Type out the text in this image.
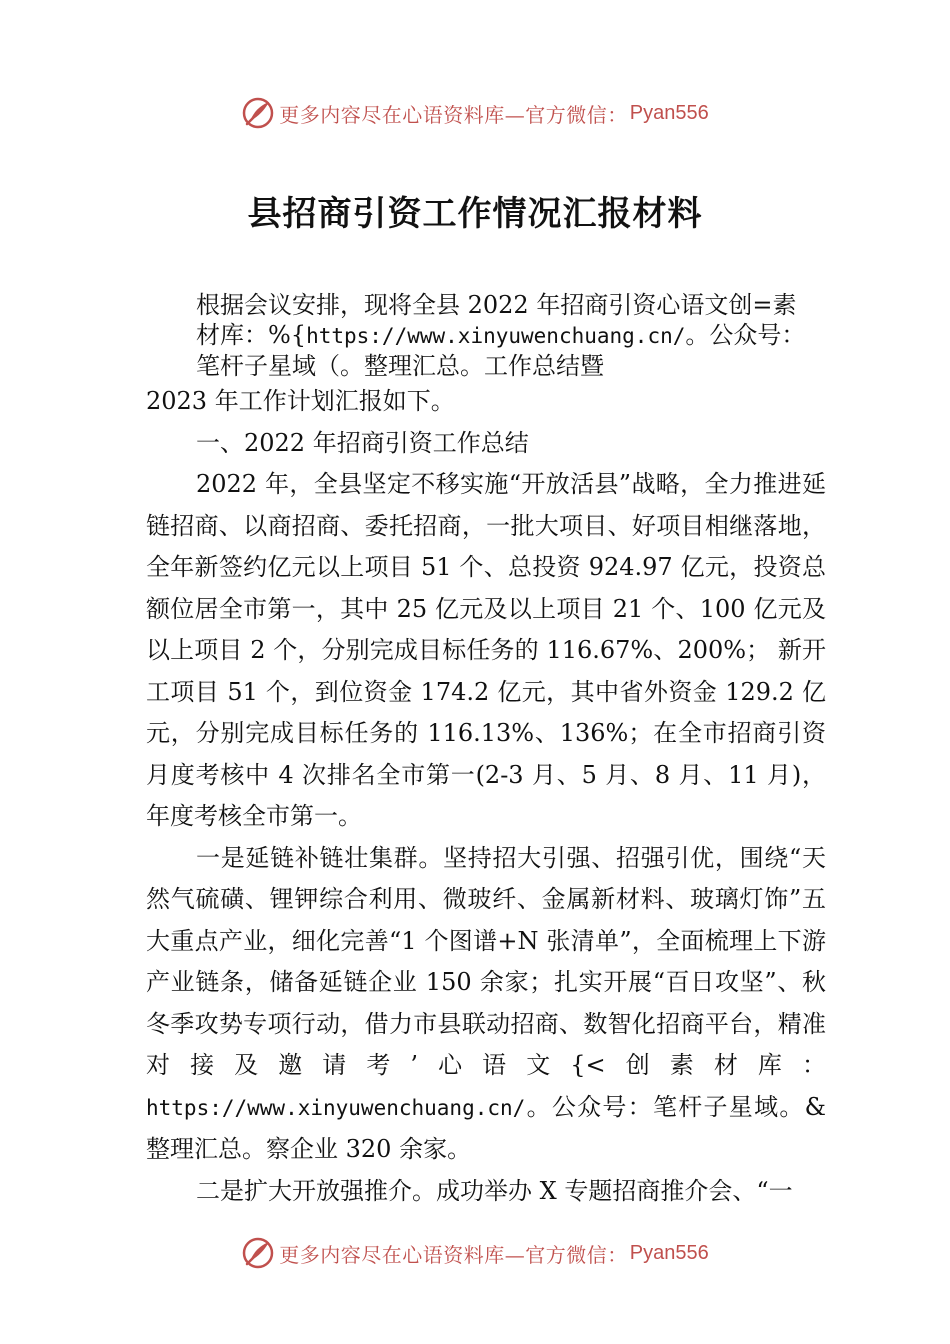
更多内容尽在心语资料库—官方微信： Pyan556
县招商引资工作情况汇报材料

根据会议安排，现将全县 2022 年招商引资心语文创=素
材库：%{https://www.xinyuwenchuang.cn/。公众号：
笔杆子星域（。整理汇总。工作总结暨

2023 年工作计划汇报如下。

一、2022 年招商引资工作总结

2022 年，全县坚定不移实施“开放活县”战略，全力推进延链招商、以商招商、委托招商，一批大项目、好项目相继落地，全年新签约亿元以上项目 51 个、总投资 924.97 亿元，投资总额位居全市第一，其中 25 亿元及以上项目 21 个、100 亿元及以上项目 2 个，分别完成目标任务的 116.67%、200%； 新开工项目 51 个，到位资金 174.2 亿元，其中省外资金 129.2 亿元，分别完成目标任务的 116.13%、136%；在全市招商引资月度考核中 4 次排名全市第一(2-3 月、5 月、8 月、11 月)， 年度考核全市第一。

一是延链补链壮集群。坚持招大引强、招强引优，围绕“天然气硫磺、锂钾综合利用、微玻纤、金属新材料、玻璃灯饰”五大重点产业，细化完善“1 个图谱+N 张清单”，全面梳理上下游产业链条，储备延链企业 150 余家；扎实开展“百日攻坚”、秋冬季攻势专项行动，借力市县联动招商、数智化招商平台，精准对接及邀请考’心语文{<创素材库：https://www.xinyuwenchuang.cn/。公众号：笔杆子星域。&整理汇总。察企业 320 余家。

二是扩大开放强推介。成功举办 X 专题招商推介会、“一

更多内容尽在心语资料库—官方微信： Pyan556
